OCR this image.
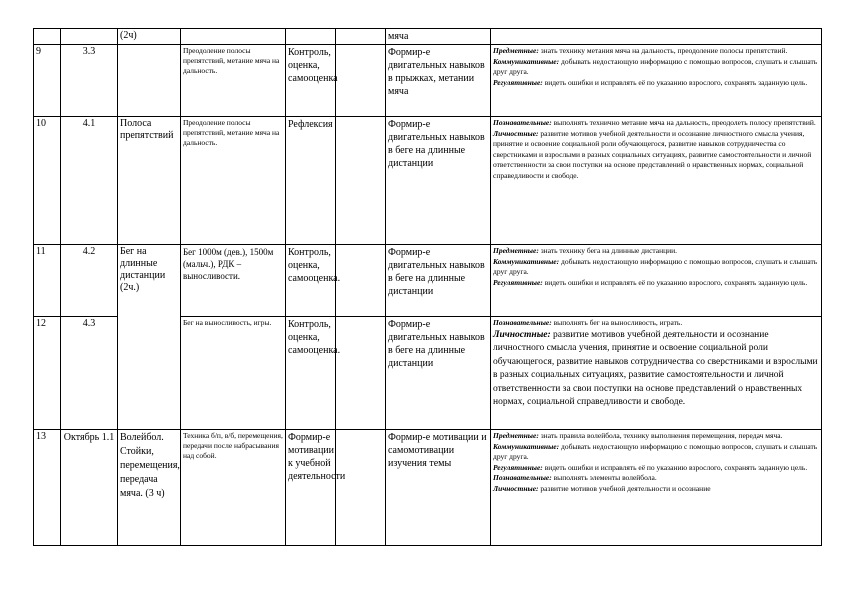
		(2ч)				мяча	
9	3.3		Преодоление полосы препятствий, метание мяча на дальность.	Контроль, оценка, самооценка		Формир-е двигательных навыков в прыжках, метании мяча	Предметные: знать технику метания мяча на дальность, преодоление полосы препятствий.
Коммуникативные: добывать недостающую информацию с помощью вопросов, слушать и слышать друг друга.
Регулятивные: видеть ошибки и исправлять её по указанию взрослого, сохранять заданную цель.

10	4.1	Полоса препятствий	Преодоление полосы препятствий, метание мяча на дальность.	Рефлексия		Формир-е двигательных навыков в беге на длинные дистанции	Познавательные: выполнять технично метание мяча на дальность, преодолеть полосу препятствий.
Личностные: развитие мотивов учебной деятельности и осознание личностного смысла учения, принятие и освоение социальной роли обучающегося, развитие навыков сотрудничества со сверстниками и взрослыми в разных социальных ситуациях, развитие самостоятельности и личной ответственности за свои поступки на основе представлений о нравственных нормах, социальной справедливости и свободе.

11	4.2	Бег на длинные дистанции (2ч.)	Бег 1000м (дев.), 1500м (мальч.), РДК – выносливости.	Контроль, оценка, самооценка.		Формир-е двигательных навыков в беге на длинные дистанции	Предметные: знать технику бега на длинные дистанции.
Коммуникативные: добывать недостающую информацию с помощью вопросов, слушать и слышать друг друга.
Регулятивные: видеть ошибки и исправлять её по указанию взрослого, сохранять заданную цель.

12	4.3		Бег на выносливость, игры.	Контроль, оценка, самооценка.		Формир-е двигательных навыков в беге на длинные дистанции	Познавательные: выполнять бег на выносливость, играть.
Личностные: развитие мотивов учебной деятельности и осознание личностного смысла учения, принятие и освоение социальной роли обучающегося, развитие навыков сотрудничества со сверстниками и взрослыми в разных социальных ситуациях, развитие самостоятельности и личной ответственности за свои поступки на основе представлений о нравственных нормах, социальной справедливости и свободе.

13	Октябрь 1.1	Волейбол. Стойки, перемещения, передача мяча. (3 ч)	Техника б/п, в/б, перемещения, передачи после набрасывания над собой.	Формир-е мотивации к учебной деятельности		Формир-е мотивации и самомотивации изучения темы	Предметные: знать правила волейбола, технику выполнения перемещения, передач мяча.
Коммуникативные: добывать недостающую информацию с помощью вопросов, слушать и слышать друг друга.
Регулятивные: видеть ошибки и исправлять её по указанию взрослого, сохранять заданную цель.
Познавательные: выполнять элементы волейбола.
Личностные: развитие мотивов учебной деятельности и осознание
